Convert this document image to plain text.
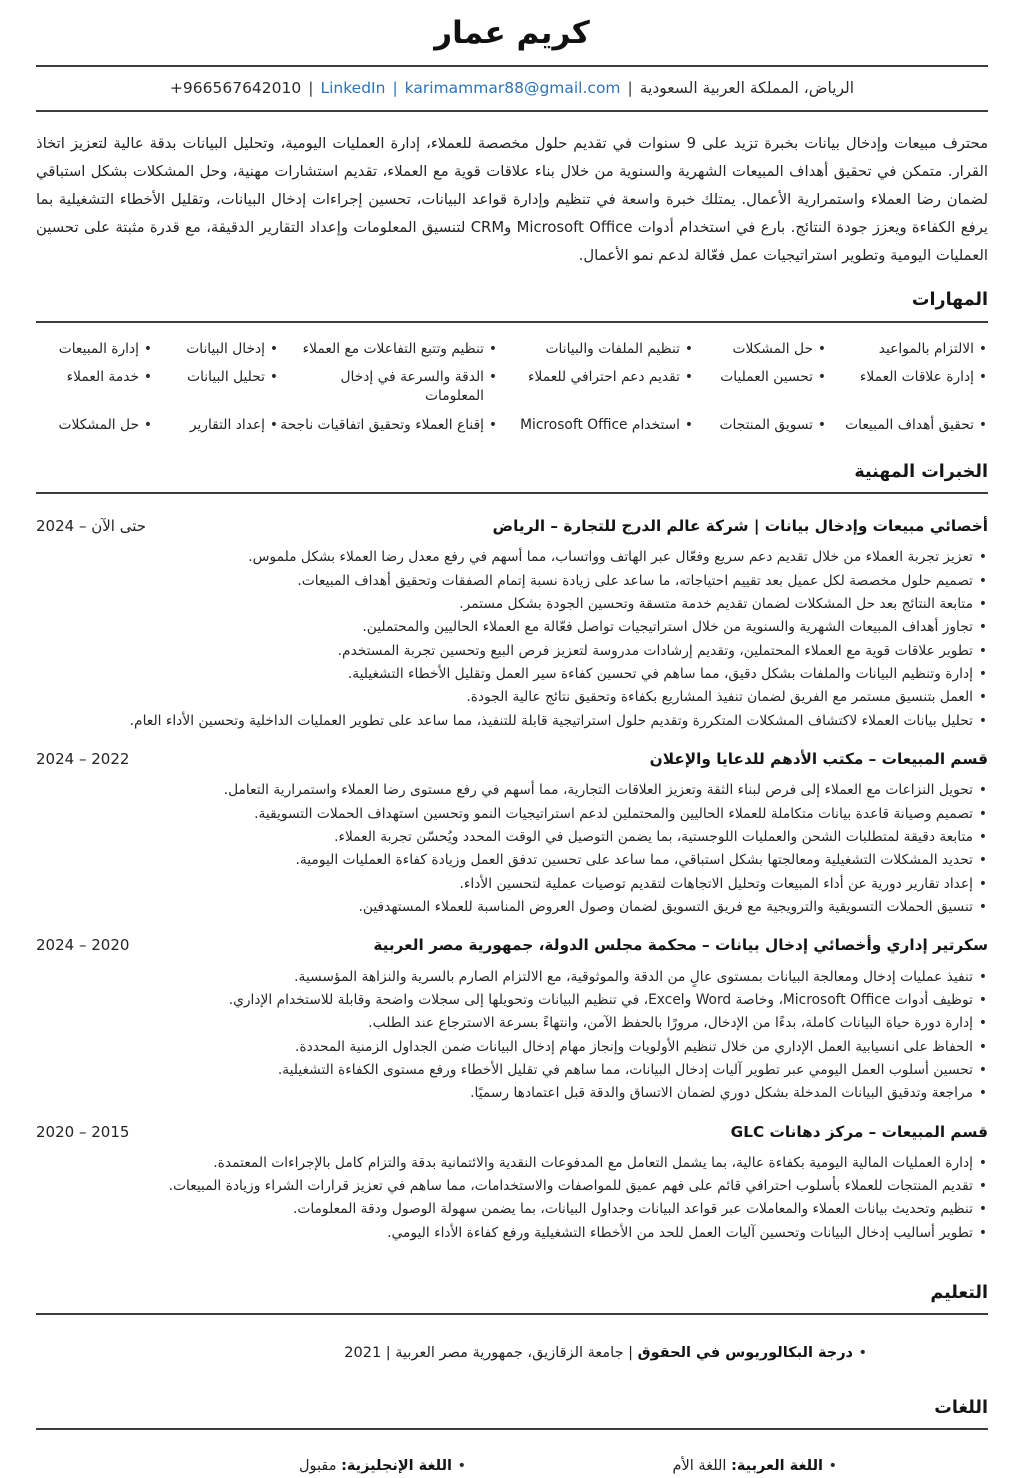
كريم عمار
الرياض، المملكة العربية السعودية|LinkedIn | karimammar88@gmail.com|+966567642010

محترف مبيعات وإدخال بيانات بخبرة تزيد على 9 سنوات في تقديم حلول مخصصة للعملاء، إدارة العمليات اليومية، وتحليل البيانات بدقة عالية لتعزيز اتخاذ القرار. متمكن في تحقيق أهداف المبيعات الشهرية والسنوية من خلال بناء علاقات قوية مع العملاء، تقديم استشارات مهنية، وحل المشكلات بشكل استباقي لضمان رضا العملاء واستمرارية الأعمال. يمتلك خبرة واسعة في تنظيم وإدارة قواعد البيانات، تحسين إجراءات إدخال البيانات، وتقليل الأخطاء التشغيلية بما يرفع الكفاءة ويعزز جودة النتائج. بارع في استخدام أدوات Microsoft Office وCRM لتنسيق المعلومات وإعداد التقارير الدقيقة، مع قدرة مثبتة على تحسين العمليات اليومية وتطوير استراتيجيات عمل فعّالة لدعم نمو الأعمال.

المهارات
• الالتزام بالمواعيد
• حل المشكلات
• تنظيم الملفات والبيانات
• تنظيم وتتبع التفاعلات مع العملاء
• إدخال البيانات
• إدارة المبيعات
• إدارة علاقات العملاء
• تحسين العمليات
• تقديم دعم احترافي للعملاء
• الدقة والسرعة في إدخال المعلومات
• تحليل البيانات
• خدمة العملاء
• تحقيق أهداف المبيعات
• تسويق المنتجات
• استخدام Microsoft Office
• إقناع العملاء وتحقيق اتفاقيات ناجحة
• إعداد التقارير
• حل المشكلات
الخبرات المهنية
أخصائي مبيعات وإدخال بيانات | شركة عالم الدرج للتجارة – الرياض
حتى الآن – 2024
• تعزيز تجربة العملاء من خلال تقديم دعم سريع وفعّال عبر الهاتف وواتساب، مما أسهم في رفع معدل رضا العملاء بشكل ملموس.
• تصميم حلول مخصصة لكل عميل بعد تقييم احتياجاته، ما ساعد على زيادة نسبة إتمام الصفقات وتحقيق أهداف المبيعات.
• متابعة النتائج بعد حل المشكلات لضمان تقديم خدمة متسقة وتحسين الجودة بشكل مستمر.
• تجاوز أهداف المبيعات الشهرية والسنوية من خلال استراتيجيات تواصل فعّالة مع العملاء الحاليين والمحتملين.
• تطوير علاقات قوية مع العملاء المحتملين، وتقديم إرشادات مدروسة لتعزيز فرص البيع وتحسين تجربة المستخدم.
• إدارة وتنظيم البيانات والملفات بشكل دقيق، مما ساهم في تحسين كفاءة سير العمل وتقليل الأخطاء التشغيلية.
• العمل بتنسيق مستمر مع الفريق لضمان تنفيذ المشاريع بكفاءة وتحقيق نتائج عالية الجودة.
• تحليل بيانات العملاء لاكتشاف المشكلات المتكررة وتقديم حلول استراتيجية قابلة للتنفيذ، مما ساعد على تطوير العمليات الداخلية وتحسين الأداء العام.
قسم المبيعات – مكتب الأدهم للدعايا والإعلان
2022 – 2024
• تحويل النزاعات مع العملاء إلى فرص لبناء الثقة وتعزيز العلاقات التجارية، مما أسهم في رفع مستوى رضا العملاء واستمرارية التعامل.
• تصميم وصيانة قاعدة بيانات متكاملة للعملاء الحاليين والمحتملين لدعم استراتيجيات النمو وتحسين استهداف الحملات التسويقية.
• متابعة دقيقة لمتطلبات الشحن والعمليات اللوجستية، بما يضمن التوصيل في الوقت المحدد ويُحسّن تجربة العملاء.
• تحديد المشكلات التشغيلية ومعالجتها بشكل استباقي، مما ساعد على تحسين تدفق العمل وزيادة كفاءة العمليات اليومية.
• إعداد تقارير دورية عن أداء المبيعات وتحليل الاتجاهات لتقديم توصيات عملية لتحسين الأداء.
• تنسيق الحملات التسويقية والترويجية مع فريق التسويق لضمان وصول العروض المناسبة للعملاء المستهدفين.
سكرتير إداري وأخصائي إدخال بيانات – محكمة مجلس الدولة، جمهورية مصر العربية
2020 – 2024
• تنفيذ عمليات إدخال ومعالجة البيانات بمستوى عالٍ من الدقة والموثوقية، مع الالتزام الصارم بالسرية والنزاهة المؤسسية.
• توظيف أدوات Microsoft Office، وخاصة Word وExcel، في تنظيم البيانات وتحويلها إلى سجلات واضحة وقابلة للاستخدام الإداري.
• إدارة دورة حياة البيانات كاملة، بدءًا من الإدخال، مرورًا بالحفظ الآمن، وانتهاءً بسرعة الاسترجاع عند الطلب.
• الحفاظ على انسيابية العمل الإداري من خلال تنظيم الأولويات وإنجاز مهام إدخال البيانات ضمن الجداول الزمنية المحددة.
• تحسين أسلوب العمل اليومي عبر تطوير آليات إدخال البيانات، مما ساهم في تقليل الأخطاء ورفع مستوى الكفاءة التشغيلية.
• مراجعة وتدقيق البيانات المدخلة بشكل دوري لضمان الاتساق والدقة قبل اعتمادها رسميًا.
قسم المبيعات – مركز دهانات GLC
2015 – 2020
• إدارة العمليات المالية اليومية بكفاءة عالية، بما يشمل التعامل مع المدفوعات النقدية والائتمانية بدقة والتزام كامل بالإجراءات المعتمدة.
• تقديم المنتجات للعملاء بأسلوب احترافي قائم على فهم عميق للمواصفات والاستخدامات، مما ساهم في تعزيز قرارات الشراء وزيادة المبيعات.
• تنظيم وتحديث بيانات العملاء والمعاملات عبر قواعد البيانات وجداول البيانات، بما يضمن سهولة الوصول ودقة المعلومات.
• تطوير أساليب إدخال البيانات وتحسين آليات العمل للحد من الأخطاء التشغيلية ورفع كفاءة الأداء اليومي.
التعليم
• درجة البكالوريوس في الحقوق | جامعة الزقازيق، جمهورية مصر العربية | 2021
اللغات
• اللغة العربية: اللغة الأم
• اللغة الإنجليزية: مقبول
